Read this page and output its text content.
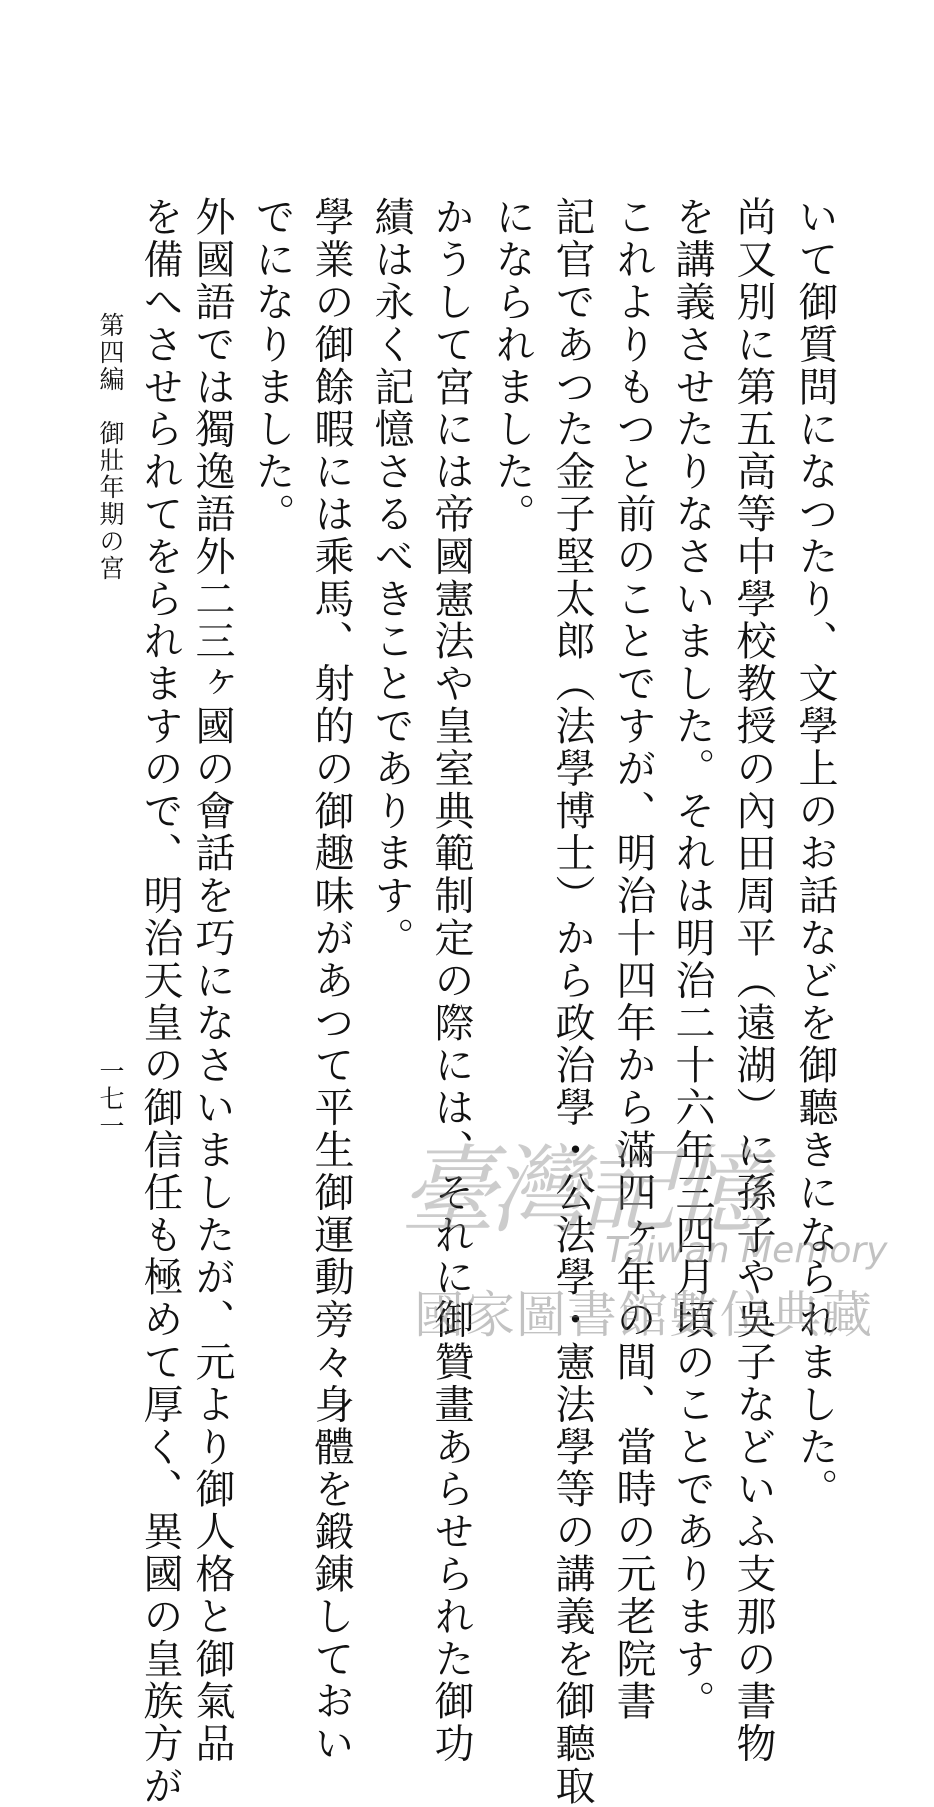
いて御質問になつたり、文學上のお話などを御聽きになられました。
尚又別に第五高等中學校教授の內田周平（遠湖）に孫子や吳子などいふ支那の書物
を講義させたりなさいました。それは明治二十六年三四月頃のことであります。
これよりもつと前のことですが、明治十四年から滿四ヶ年の間、當時の元老院書
記官であつた金子堅太郎（法學博士）から政治學・公法學・憲法學等の講義を御聽取
になられました。
かうして宮には帝國憲法や皇室典範制定の際には、それに御贊畫あらせられた御功
績は永く記憶さるべきことであります。
學業の御餘暇には乘馬、射的の御趣味があつて平生御運動旁々身體を鍛錬しておい
でになりました。
外國語では獨逸語外二三ヶ國の會話を巧になさいましたが、元より御人格と御氣品
を備へさせられてをられますので、明治天皇の御信任も極めて厚く、異國の皇族方が
第四編　御壯年期の宮
一七一
臺灣記憶
Taiwan Memory
國家圖書館數位典藏
